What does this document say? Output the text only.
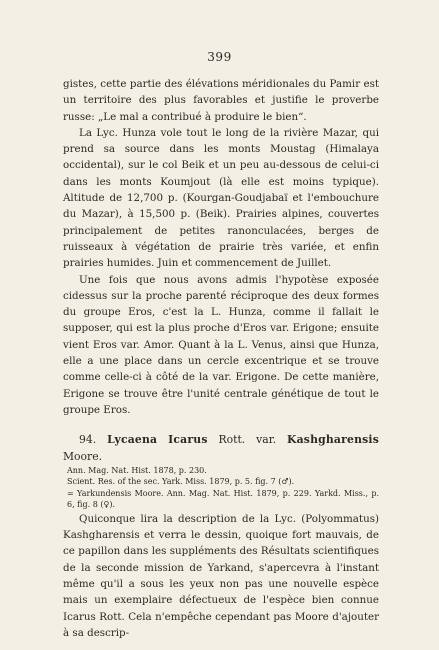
399

gistes, cette partie des élévations méridionales du Pamir est un territoire des plus favorables et justifie le proverbe russe: „Le mal a contribué à produire le bien“.

La Lyc. Hunza vole tout le long de la rivière Mazar, qui prend sa source dans les monts Moustag (Himalaya occidental), sur le col Beik et un peu au-dessous de celui-ci dans les monts Koumjout (là elle est moins typique). Altitude de 12,700 p. (Kourgan-Goudjabaï et l'embouchure du Mazar), à 15,500 p. (Beik). Prairies alpines, couvertes principalement de petites ranonculacées, berges de ruisseaux à végétation de prairie très variée, et enfin prairies humides. Juin et commencement de Juillet.

Une fois que nous avons admis l'hypotèse exposée cidessus sur la proche parenté réciproque des deux formes du groupe Eros, c'est la L. Hunza, comme il fallait le supposer, qui est la plus proche d'Eros var. Erigone; ensuite vient Eros var. Amor. Quant à la L. Venus, ainsi que Hunza, elle a une place dans un cercle excentrique et se trouve comme celle-ci à côté de la var. Erigone. De cette manière, Erigone se trouve être l'unité centrale génétique de tout le groupe Eros.

94. Lycaena Icarus Rott. var. Kashgharensis Moore.

Ann. Mag. Nat. Hist. 1878, p. 230.
Scient. Res. of the sec. Yark. Miss. 1879, p. 5. fig. 7 (♂).
= Yarkundensis Moore. Ann. Mag. Nat. Hist. 1879, p. 229. Yarkd. Miss., p. 6, fig. 8 (♀).

Quiconque lira la description de la Lyc. (Polyommatus) Kashgharensis et verra le dessin, quoique fort mauvais, de ce papillon dans les suppléments des Résultats scientifiques de la seconde mission de Yarkand, s'apercevra à l'instant même qu'il a sous les yeux non pas une nouvelle espèce mais un exemplaire défectueux de l'espèce bien connue Icarus Rott. Cela n'empêche cependant pas Moore d'ajouter à sa descrip-
